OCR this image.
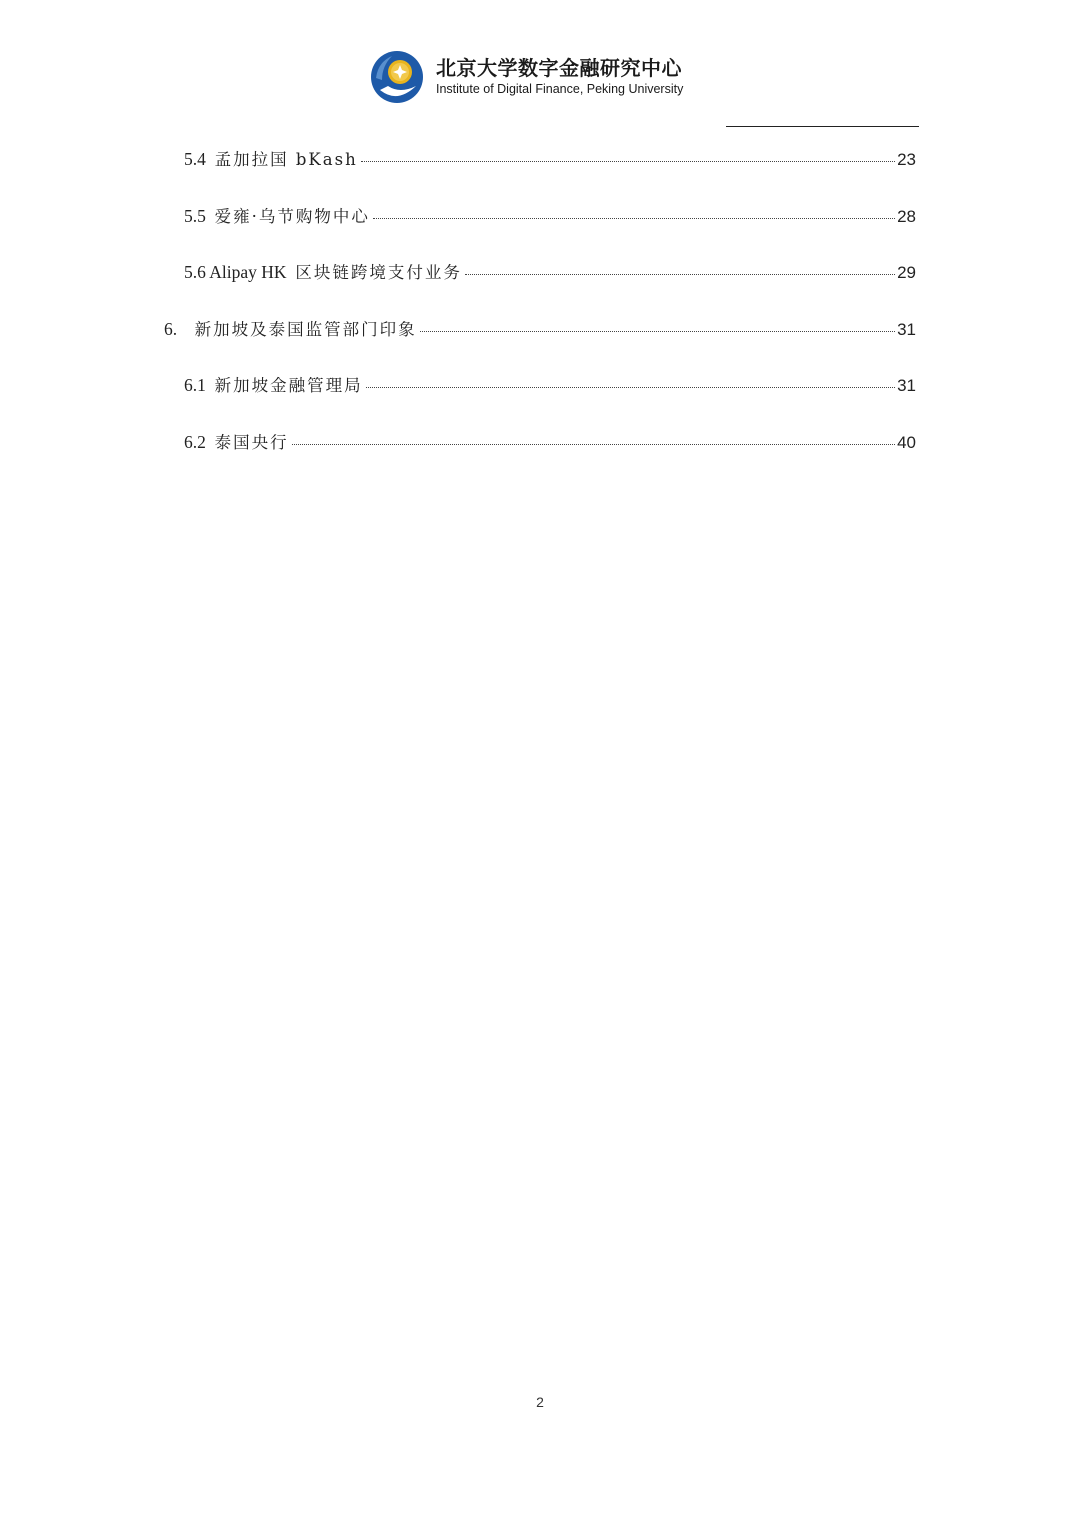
北京大学数字金融研究中心
Institute of Digital Finance, Peking University
5.4 孟加拉国 bKash	23
5.5 爱雍·乌节购物中心	28
5.6 Alipay HK 区块链跨境支付业务	29
6. 新加坡及泰国监管部门印象	31
6.1 新加坡金融管理局	31
6.2 泰国央行	40
2
